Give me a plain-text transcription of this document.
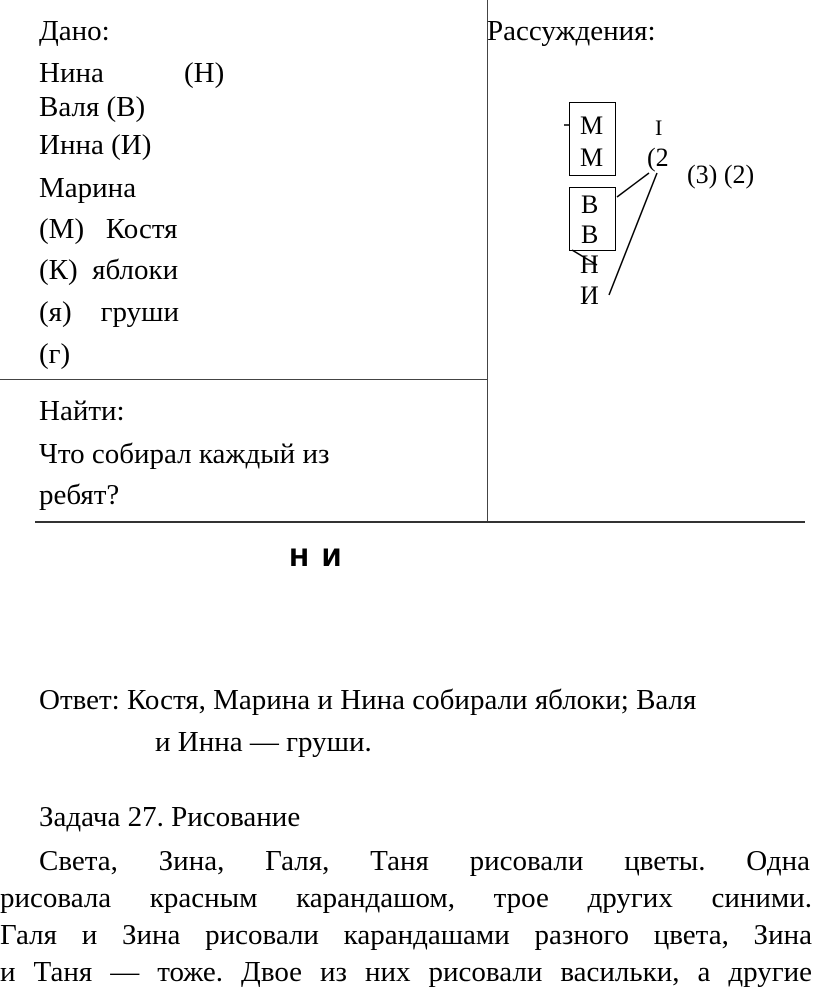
Дано:
Нина	(Н)
Валя (В)
Инна (И)
Марина
(М)   Костя
(К)  яблоки
(я)    груши
(г)
Найти:
Что собирал каждый из
ребят?
Рассуждения:
М
М
В
В
Н
И
I
(2
(3) (2)
Н И
Ответ: Костя, Марина и Нина собирали яблоки; Валя
и Инна — груши.
Задача 27. Рисование
Света, Зина, Галя, Таня рисовали цветы. Одна
рисовала красным карандашом, трое других синими.
Галя и Зина рисовали карандашами разного цвета, Зина
и Таня — тоже. Двое из них рисовали васильки, а другие
